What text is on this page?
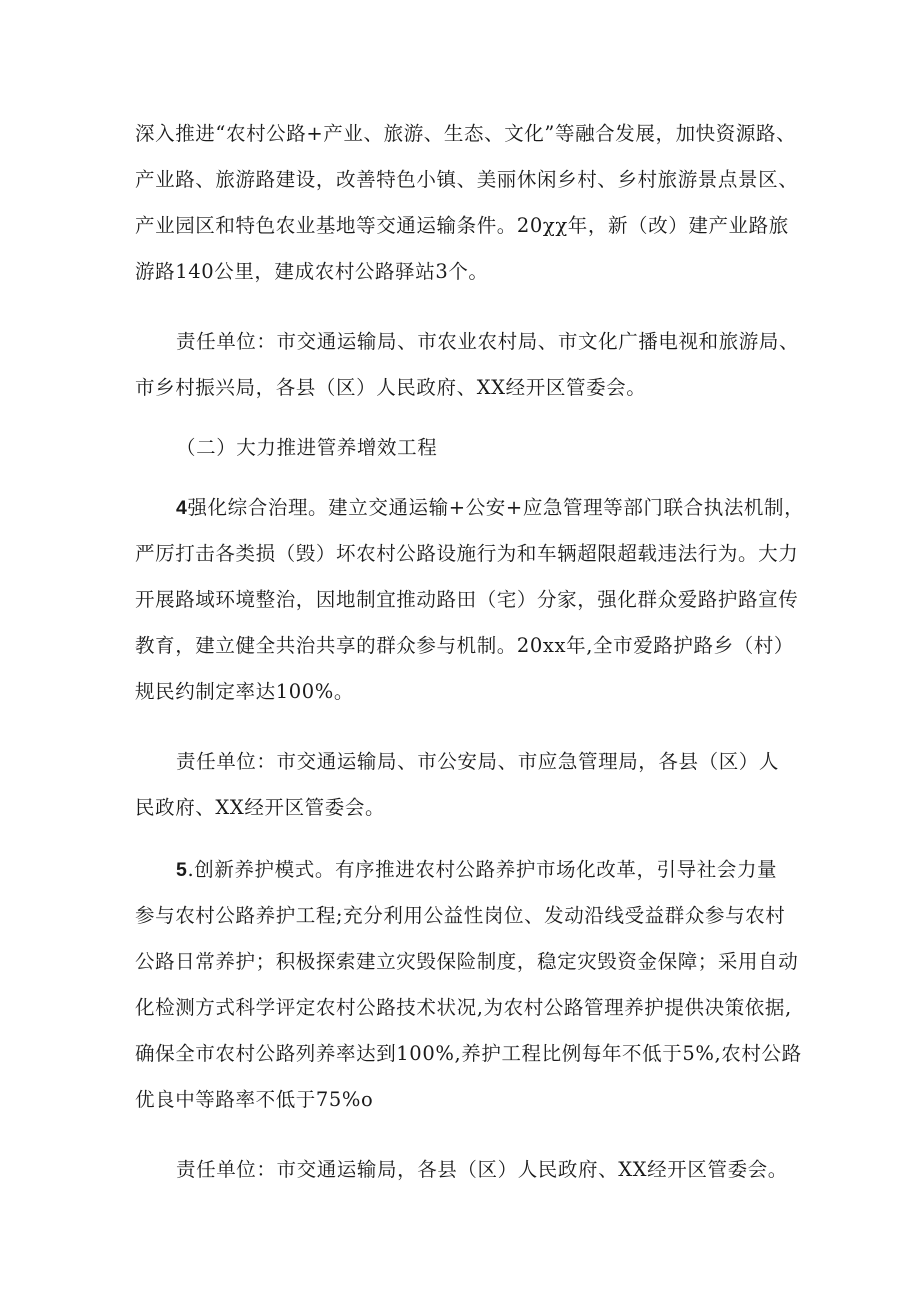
深入推进“农村公路+产业、旅游、生态、文化”等融合发展，加快资源路、
产业路、旅游路建设，改善特色小镇、美丽休闲乡村、乡村旅游景点景区、
产业园区和特色农业基地等交通运输条件。20χχ年，新（改）建产业路旅
游路140公里，建成农村公路驿站3个。
责任单位：市交通运输局、市农业农村局、市文化广播电视和旅游局、
市乡村振兴局，各县（区）人民政府、XX经开区管委会。
（二）大力推进管养增效工程
4强化综合治理。建立交通运输+公安+应急管理等部门联合执法机制，
严厉打击各类损（毁）坏农村公路设施行为和车辆超限超载违法行为。大力
开展路域环境整治，因地制宜推动路田（宅）分家，强化群众爱路护路宣传
教育，建立健全共治共享的群众参与机制。20xx年,全市爱路护路乡（村）
规民约制定率达100%。
责任单位：市交通运输局、市公安局、市应急管理局，各县（区）人
民政府、XX经开区管委会。
5.创新养护模式。有序推进农村公路养护市场化改革，引导社会力量
参与农村公路养护工程;充分利用公益性岗位、发动沿线受益群众参与农村
公路日常养护；积极探索建立灾毁保险制度，稳定灾毁资金保障；采用自动
化检测方式科学评定农村公路技术状况,为农村公路管理养护提供决策依据,
确保全市农村公路列养率达到100%,养护工程比例每年不低于5%,农村公路
优良中等路率不低于75%o
责任单位：市交通运输局，各县（区）人民政府、XX经开区管委会。
